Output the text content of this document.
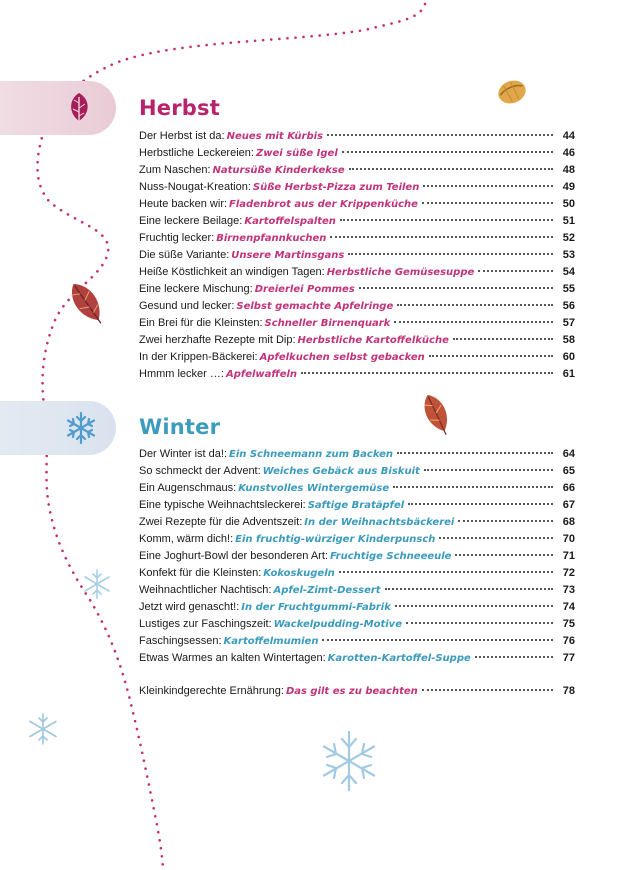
Herbst
Der Herbst ist da: Neues mit Kürbis	44
Herbstliche Leckereien: Zwei süße Igel	46
Zum Naschen: Natursüße Kinderkekse	48
Nuss-Nougat-Kreation: Süße Herbst-Pizza zum Teilen	49
Heute backen wir: Fladenbrot aus der Krippenküche	50
Eine leckere Beilage: Kartoffelspalten	51
Fruchtig lecker: Birnenpfannkuchen	52
Die süße Variante: Unsere Martinsgans	53
Heiße Köstlichkeit an windigen Tagen: Herbstliche Gemüsesuppe	54
Eine leckere Mischung: Dreierlei Pommes	55
Gesund und lecker: Selbst gemachte Apfelringe	56
Ein Brei für die Kleinsten: Schneller Birnenquark	57
Zwei herzhafte Rezepte mit Dip: Herbstliche Kartoffelküche	58
In der Krippen-Bäckerei: Apfelkuchen selbst gebacken	60
Hmmm lecker …: Apfelwaffeln	61
Winter
Der Winter ist da!: Ein Schneemann zum Backen	64
So schmeckt der Advent: Weiches Gebäck aus Biskuit	65
Ein Augenschmaus: Kunstvolles Wintergemüse	66
Eine typische Weihnachtsleckerei: Saftige Bratäpfel	67
Zwei Rezepte für die Adventszeit: In der Weihnachtsbäckerei	68
Komm, wärm dich!: Ein fruchtig-würziger Kinderpunsch	70
Eine Joghurt-Bowl der besonderen Art: Fruchtige Schneeeule	71
Konfekt für die Kleinsten: Kokoskugeln	72
Weihnachtlicher Nachtisch: Apfel-Zimt-Dessert	73
Jetzt wird genascht!: In der Fruchtgummi-Fabrik	74
Lustiges zur Faschingszeit: Wackelpudding-Motive	75
Faschingsessen: Kartoffelmumien	76
Etwas Warmes an kalten Wintertagen: Karotten-Kartoffel-Suppe	77
Kleinkindgerechte Ernährung: Das gilt es zu beachten	78
